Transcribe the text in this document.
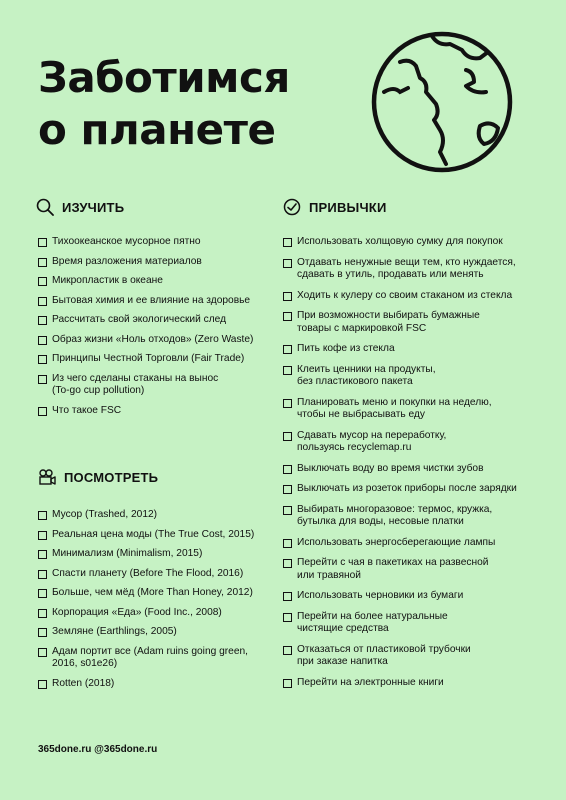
Заботимся
о планете
ИЗУЧИТЬ
Тихоокеанское мусорное пятно
Время разложения материалов
Микропластик в океане
Бытовая химия и ее влияние на здоровье
Рассчитать свой экологический след
Образ жизни «Ноль отходов» (Zero Waste)
Принципы Честной Торговли (Fair Trade)
Из чего сделаны стаканы на вынос
(To-go cup pollution)
Что такое FSC
ПОСМОТРЕТЬ
Мусор (Trashed, 2012)
Реальная цена моды (The True Cost, 2015)
Минимализм (Minimalism, 2015)
Спасти планету (Before The Flood, 2016)
Больше, чем мёд (More Than Honey, 2012)
Корпорация «Еда» (Food Inc., 2008)
Земляне (Earthlings, 2005)
Адам портит все (Adam ruins going green,
2016, s01e26)
Rotten (2018)
ПРИВЫЧКИ
Использовать холщовую сумку для покупок
Отдавать ненужные вещи тем, кто нуждается,
сдавать в утиль, продавать или менять
Ходить к кулеру со своим стаканом из стекла
При возможности выбирать бумажные
товары с маркировкой FSC
Пить кофе из стекла
Клеить ценники на продукты,
без пластикового пакета
Планировать меню и покупки на неделю,
чтобы не выбрасывать еду
Сдавать мусор на переработку,
пользуясь recyclemap.ru
Выключать воду во время чистки зубов
Выключать из розеток приборы после зарядки
Выбирать многоразовое: термос, кружка,
бутылка для воды, несовые платки
Использовать энергосберегающие лампы
Перейти с чая в пакетиках на развесной
или травяной
Использовать черновики из бумаги
Перейти на более натуральные
чистящие средства
Отказаться от пластиковой трубочки
при заказе напитка
Перейти на электронные книги
365done.ru @365done.ru
